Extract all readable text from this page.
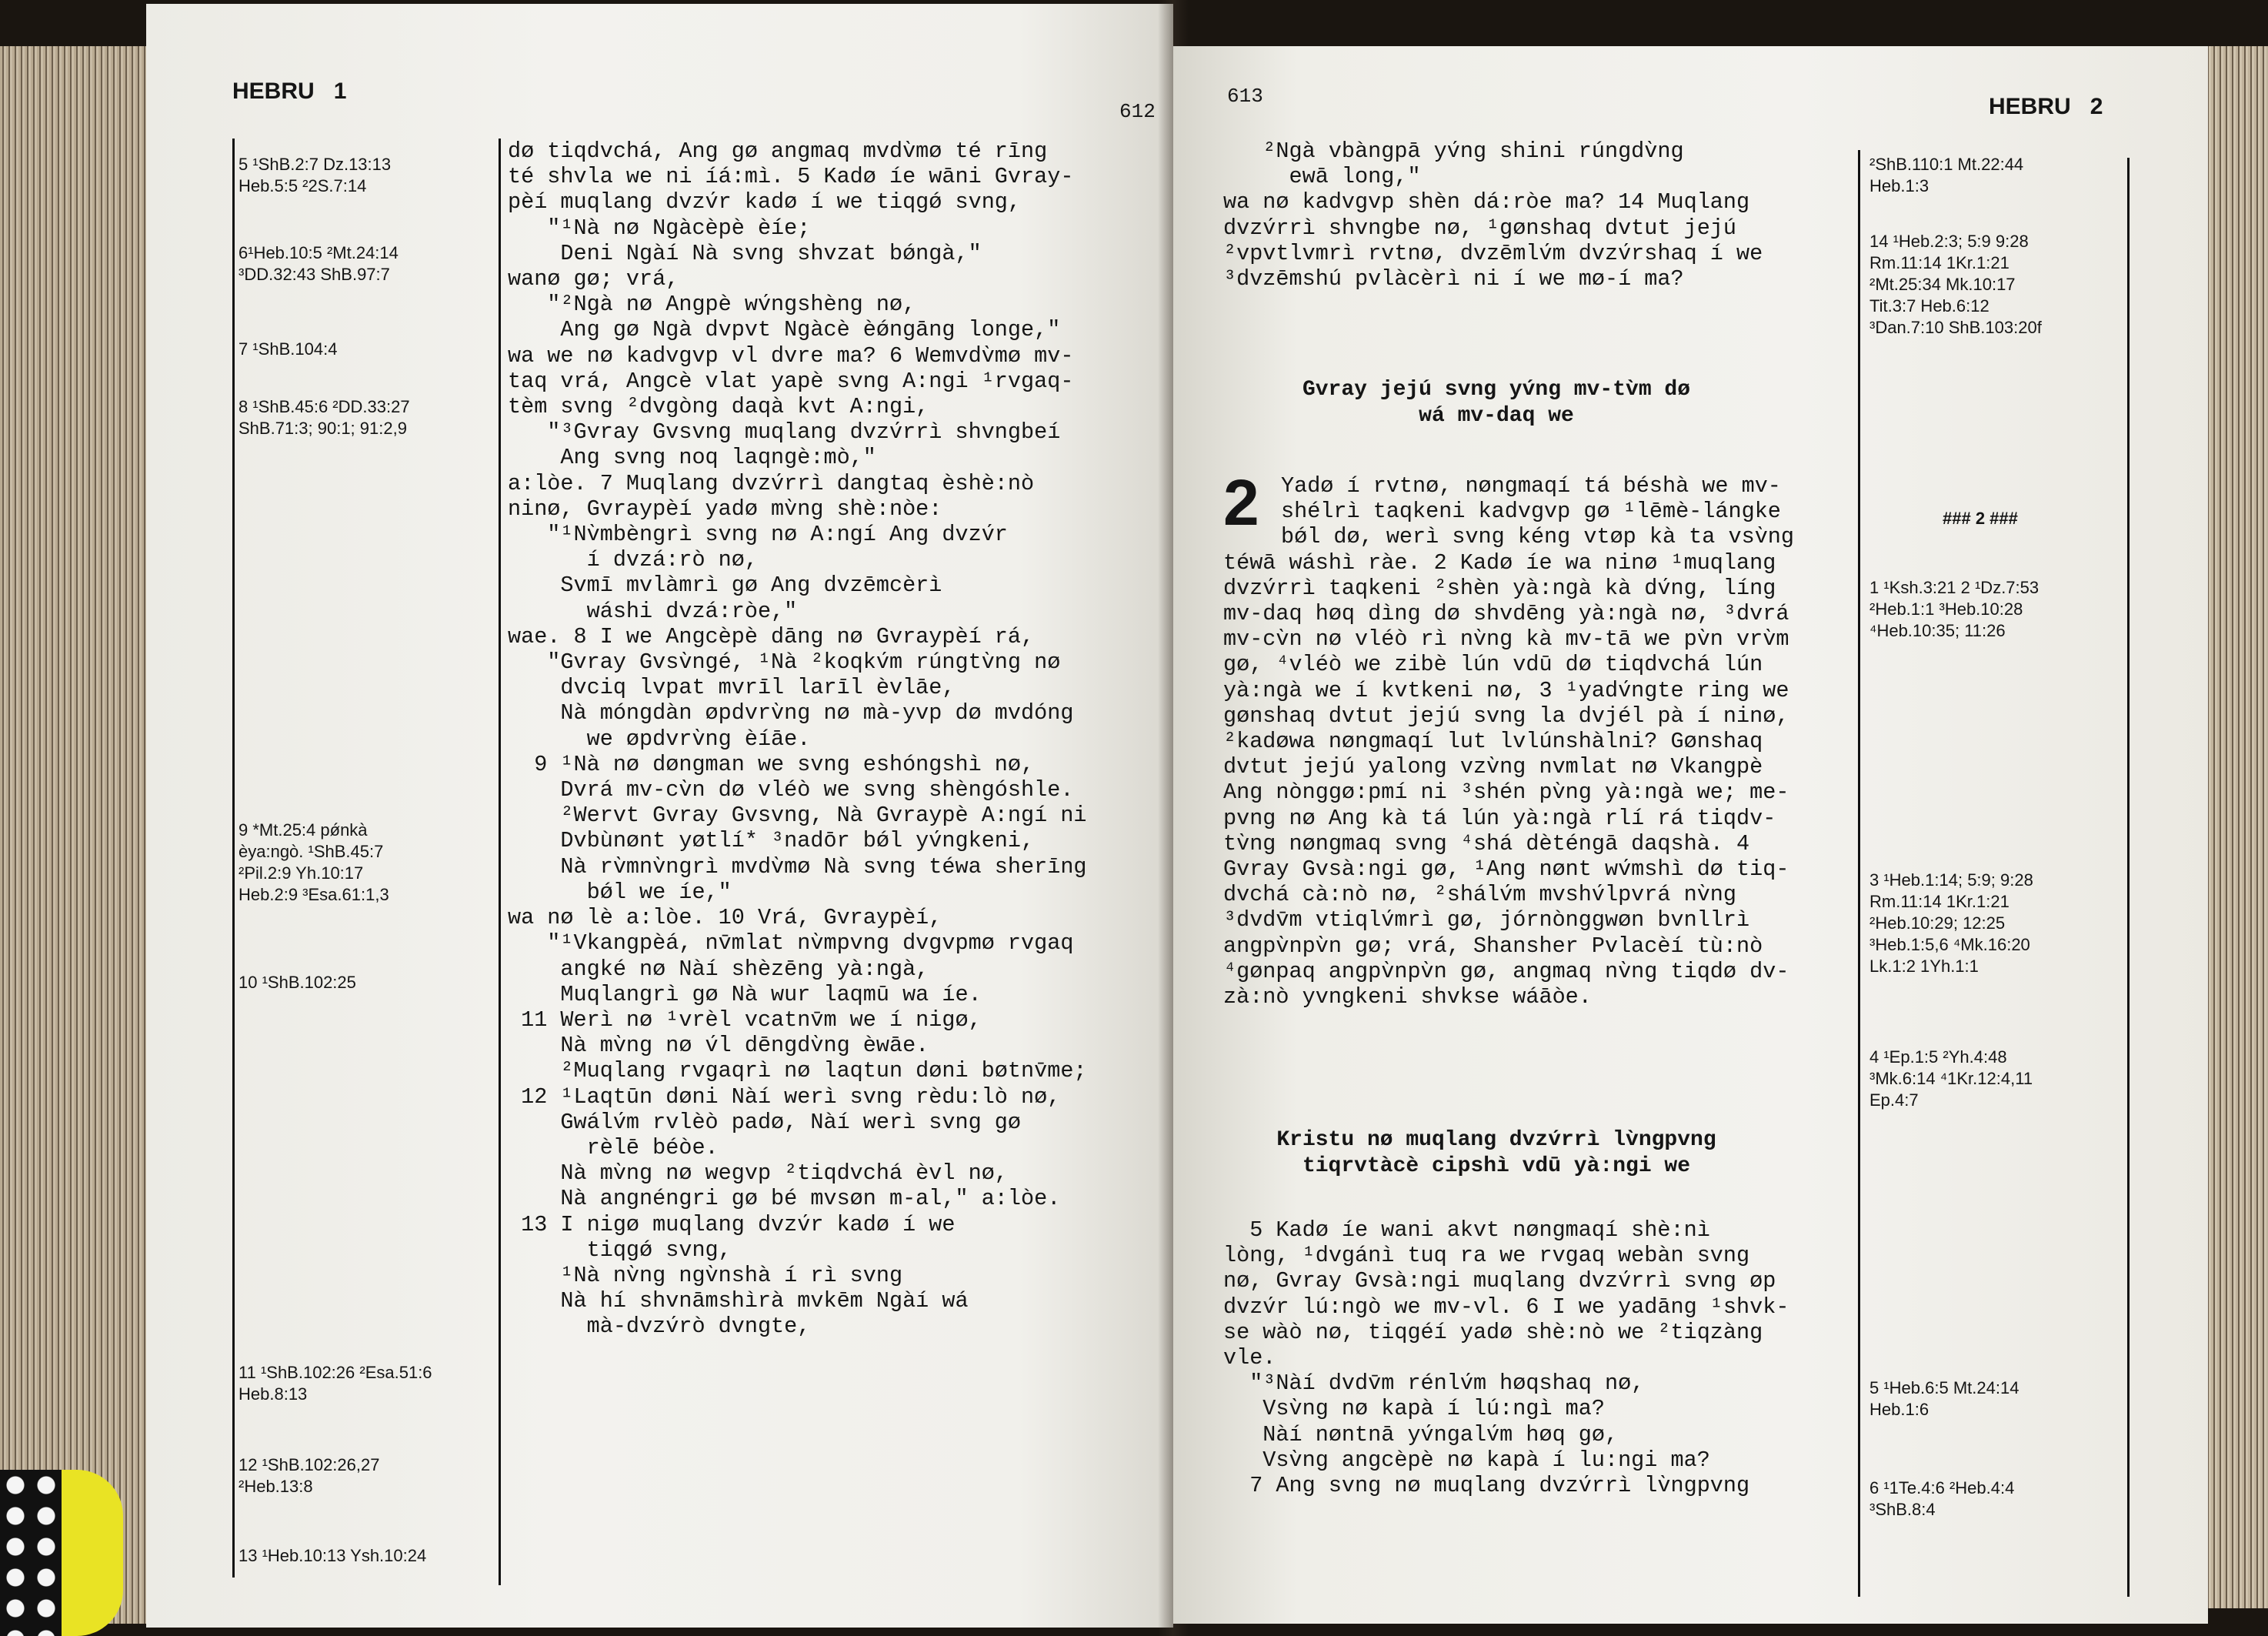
HEBRU 1
612
5 ¹ShB.2:7 Dz.13:13
Heb.5:5 ²2S.7:14
6¹Heb.10:5 ²Mt.24:14
³DD.32:43 ShB.97:7
7 ¹ShB.104:4
8 ¹ShB.45:6 ²DD.33:27
ShB.71:3; 90:1; 91:2,9
9 *Mt.25:4 pǿnkà
èya:ngò. ¹ShB.45:7
²Pil.2:9 Yh.10:17
Heb.2:9 ³Esa.61:1,3
10 ¹ShB.102:25
11 ¹ShB.102:26 ²Esa.51:6
Heb.8:13
12 ¹ShB.102:26,27
²Heb.13:8
13 ¹Heb.10:13 Ysh.10:24
dø tiqdvchá, Ang gø angmaq mvdv̀mø té rīng
té shvla we ni íá:mì. 5 Kadø íe wāni Gvray-
pèí muqlang dvzv́r kadø í we tiqgǿ svng,
"¹Nà nø Ngàcèpè èíe;
Deni Ngàí Nà svng shvzat bǿngà,"
wanø gø; vrá,
"²Ngà nø Angpè wv́ngshèng nø,
Ang gø Ngà dvpvt Ngàcè èǿngāng longe,"
wa we nø kadvgvp vl dvre ma? 6 Wemvdv̀mø mv-
taq vrá, Angcè vlat yapè svng A:ngi ¹rvgaq-
tèm svng ²dvgòng daqà kvt A:ngi,
"³Gvray Gvsvng muqlang dvzv́rrì shvngbeí
Ang svng noq laqngè:mò,"
a:lòe. 7 Muqlang dvzv́rrì dangtaq èshè:nò
ninø, Gvraypèí yadø mv̀ng shè:nòe:
"¹Nv̀mbèngrì svng nø A:ngí Ang dvzv́r
í dvzá:rò nø,
Svmī mvlàmrì gø Ang dvzēmcèrì
wáshi dvzá:ròe,"
wae. 8 I we Angcèpè dāng nø Gvraypèí rá,
"Gvray Gvsv̀ngé, ¹Nà ²koqkv́m rúngtv̀ng nø
dvciq lvpat mvrīl larīl èvlāe,
Nà móngdàn øpdvrv̀ng nø mà-yvp dø mvdóng
we øpdvrv̀ng èíāe.
9 ¹Nà nø døngman we svng eshóngshì nø,
Dvrá mv-cv̀n dø vléò we svng shèngóshle.
²Wervt Gvray Gvsvng, Nà Gvraypè A:ngí ni
Dvbùnønt yøtlí* ³nadōr bǿl yv́ngkeni,
Nà rv̀mnv̀ngrì mvdv̀mø Nà svng téwa sherīng
bǿl we íe,"
wa nø lè a:lòe. 10 Vrá, Gvraypèí,
"¹Vkangpèá, nv̄mlat nv̀mpvng dvgvpmø rvgaq
angké nø Nàí shèzēng yà:ngà,
Muqlangrì gø Nà wur laqmū wa íe.
11 Werì nø ¹vrèl vcatnv̄m we í nigø,
Nà mv̀ng nø v́l dēngdv̀ng èwāe.
²Muqlang rvgaqrì nø laqtun døni bøtnv̄me;
12 ¹Laqtūn døni Nàí werì svng rèdu:lò nø,
Gwálv́m rvlèò padø, Nàí werì svng gø
rèlē béòe.
Nà mv̀ng nø wegvp ²tiqdvchá èvl nø,
Nà angnéngri gø bé mvsøn m-al," a:lòe.
13 I nigø muqlang dvzv́r kadø í we
tiqgǿ svng,
¹Nà nv̀ng ngv̀nshà í rì svng
Nà hí shvnāmshìrà mvkēm Ngàí wá
mà-dvzv́rò dvngte,
613	HEBRU 2
²Ngà vbàngpā yv́ng shini rúngdv̀ng
ewā long,"
wa nø kadvgvp shèn dá:ròe ma? 14 Muqlang
dvzv́rrì shvngbe nø, ¹gønshaq dvtut jejú
²vpvtlvmrì rvtnø, dvzēmlv́m dvzv́rshaq í we
³dvzēmshú pvlàcèrì ni í we mø-í ma?
Gvray jejú svng yv́ng mv-tv̀m dø
wá mv-daq we
2 Yadø í rvtnø, nøngmaqí tá béshà we mv-
shélrì taqkeni kadvgvp gø ¹lēmè-lángke
bǿl dø, werì svng kéng vtøp kà ta vsv̀ng
téwā wáshì ràe. 2 Kadø íe wa ninø ¹muqlang
dvzv́rrì taqkeni ²shèn yà:ngà kà dv́ng, líng
mv-daq høq dìng dø shvdēng yà:ngà nø, ³dvrá
mv-cv̀n nø vléò rì nv̀ng kà mv-tā we pv̀n vrv̀m
gø, ⁴vléò we zibè lún vdū dø tiqdvchá lún
yà:ngà we í kvtkeni nø, 3 ¹yadv́ngte ring we
gønshaq dvtut jejú svng la dvjél pà í ninø,
²kadøwa nøngmaqí lut lvlúnshàlni? Gønshaq
dvtut jejú yalong vzv̀ng nvmlat nø Vkangpè
Ang nònggø:pmí ni ³shén pv̀ng yà:ngà we; me-
pvng nø Ang kà tá lún yà:ngà rlí rá tiqdv-
tv̀ng nøngmaq svng ⁴shá dèténgā daqshà. 4
Gvray Gvsà:ngi gø, ¹Ang nønt wv́mshì dø tiq-
dvchá cà:nò nø, ²shálv́m mvshv́lpvrá nv̀ng
³dvdv̄m vtiqlv́mrì gø, jórnònggwøn bvnllrì
angpv̀npv̀n gø; vrá, Shansher Pvlacèí tù:nò
⁴gønpaq angpv̀npv̀n gø, angmaq nv̀ng tiqdø dv-
zà:nò yvngkeni shvkse wáāòe.
Kristu nø muqlang dvzv́rrì lv̀ngpvng
tiqrvtàcè cipshì vdū yà:ngi we
5 Kadø íe wani akvt nøngmaqí shè:nì
lòng, ¹dvgánì tuq ra we rvgaq webàn svng
nø, Gvray Gvsà:ngi muqlang dvzv́rrì svng øp
dvzv́r lú:ngò we mv-vl. 6 I we yadāng ¹shvk-
se wàò nø, tiqgéí yadø shè:nò we ²tiqzàng
vle.
"³Nàí dvdv̄m rénlv́m høqshaq nø,
Vsv̀ng nø kapà í lú:ngì ma?
Nàí nøntnā yv́ngalv́m høq gø,
Vsv̀ng angcèpè nø kapà í lu:ngi ma?
7 Ang svng nø muqlang dvzv́rrì lv̀ngpvng
²ShB.110:1 Mt.22:44
Heb.1:3
14 ¹Heb.2:3; 5:9 9:28
Rm.11:14 1Kr.1:21
²Mt.25:34 Mk.10:17
Tit.3:7 Heb.6:12
³Dan.7:10 ShB.103:20f
### 2 ###
1 ¹Ksh.3:21 2 ¹Dz.7:53
²Heb.1:1 ³Heb.10:28
⁴Heb.10:35; 11:26
3 ¹Heb.1:14; 5:9; 9:28
Rm.11:14 1Kr.1:21
²Heb.10:29; 12:25
³Heb.1:5,6 ⁴Mk.16:20
Lk.1:2 1Yh.1:1
4 ¹Ep.1:5 ²Yh.4:48
³Mk.6:14 ⁴1Kr.12:4,11
Ep.4:7
5 ¹Heb.6:5 Mt.24:14
Heb.1:6
6 ¹1Te.4:6 ²Heb.4:4
³ShB.8:4
